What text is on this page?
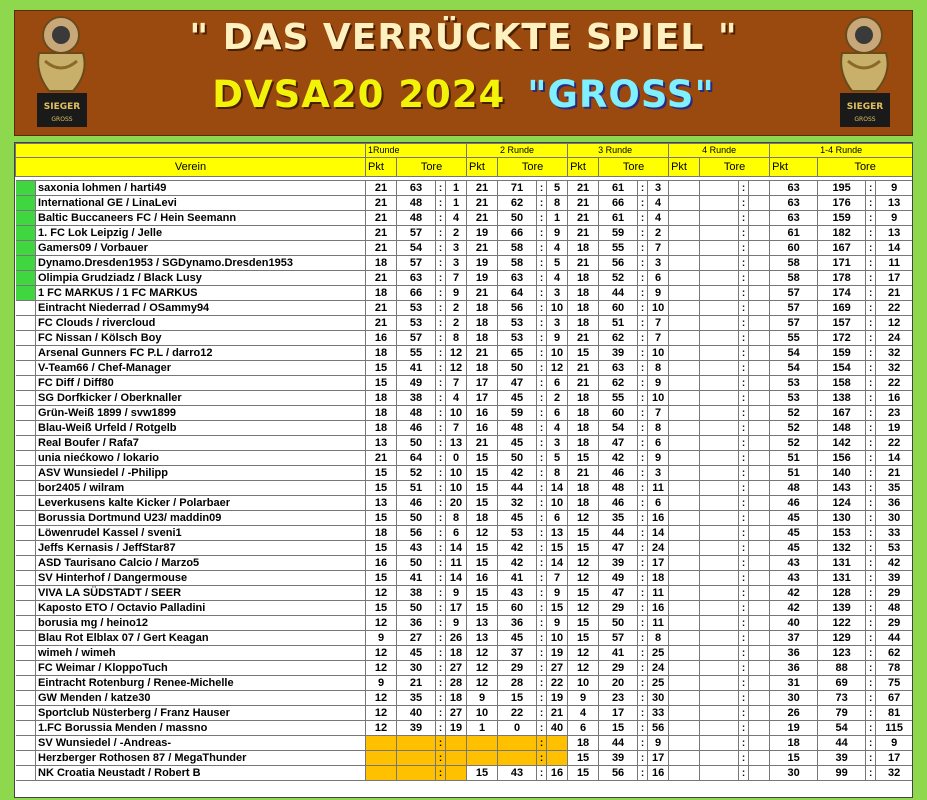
SIEGER
GROSS
" DAS VERRÜCKTE SPIEL "
DVSA20 2024 "GROSS"	SIEGER
GROSS
		1Runde				2 Runde				3 Runde				4 Runde				1-4 Runde			
Verein		Pkt	Tore			Pkt	Tore			Pkt	Tore			Pkt	Tore			Pkt	Tore		

	saxonia lohmen / harti49	21	63	:	1	21	71	:	5	21	61	:	3			:		63	195	:	9
	International GE / LinaLevi	21	48	:	1	21	62	:	8	21	66	:	4			:		63	176	:	13
	Baltic Buccaneers FC / Hein Seemann	21	48	:	4	21	50	:	1	21	61	:	4			:		63	159	:	9
	1. FC Lok Leipzig / Jelle	21	57	:	2	19	66	:	9	21	59	:	2			:		61	182	:	13
	Gamers09 / Vorbauer	21	54	:	3	21	58	:	4	18	55	:	7			:		60	167	:	14
	Dynamo.Dresden1953 / SGDynamo.Dresden1953	18	57	:	3	19	58	:	5	21	56	:	3			:		58	171	:	11
	Olimpia Grudziadz / Black Lusy	21	63	:	7	19	63	:	4	18	52	:	6			:		58	178	:	17
	1 FC MARKUS / 1 FC MARKUS	18	66	:	9	21	64	:	3	18	44	:	9			:		57	174	:	21
	Eintracht Niederrad / OSammy94	21	53	:	2	18	56	:	10	18	60	:	10			:		57	169	:	22
	FC Clouds / rivercloud	21	53	:	2	18	53	:	3	18	51	:	7			:		57	157	:	12
	FC Nissan / Kölsch Boy	16	57	:	8	18	53	:	9	21	62	:	7			:		55	172	:	24
	Arsenal Gunners FC P.L / darro12	18	55	:	12	21	65	:	10	15	39	:	10			:		54	159	:	32
	V-Team66 / Chef-Manager	15	41	:	12	18	50	:	12	21	63	:	8			:		54	154	:	32
	FC Diff / Diff80	15	49	:	7	17	47	:	6	21	62	:	9			:		53	158	:	22
	SG Dorfkicker / Oberknaller	18	38	:	4	17	45	:	2	18	55	:	10			:		53	138	:	16
	Grün-Weiß 1899 / svw1899	18	48	:	10	16	59	:	6	18	60	:	7			:		52	167	:	23
	Blau-Weiß Urfeld / Rotgelb	18	46	:	7	16	48	:	4	18	54	:	8			:		52	148	:	19
	Real Boufer / Rafa7	13	50	:	13	21	45	:	3	18	47	:	6			:		52	142	:	22
	unia niećkowo / lokario	21	64	:	0	15	50	:	5	15	42	:	9			:		51	156	:	14
	ASV Wunsiedel / -Philipp	15	52	:	10	15	42	:	8	21	46	:	3			:		51	140	:	21
	bor2405 / wilram	15	51	:	10	15	44	:	14	18	48	:	11			:		48	143	:	35
	Leverkusens kalte Kicker / Polarbaer	13	46	:	20	15	32	:	10	18	46	:	6			:		46	124	:	36
	Borussia Dortmund U23/ maddin09	15	50	:	8	18	45	:	6	12	35	:	16			:		45	130	:	30
	Löwenrudel Kassel / sveni1	18	56	:	6	12	53	:	13	15	44	:	14			:		45	153	:	33
	Jeffs Kernasis / JeffStar87	15	43	:	14	15	42	:	15	15	47	:	24			:		45	132	:	53
	ASD Taurisano Calcio / Marzo5	16	50	:	11	15	42	:	14	12	39	:	17			:		43	131	:	42
	SV Hinterhof / Dangermouse	15	41	:	14	16	41	:	7	12	49	:	18			:		43	131	:	39
	VIVA LA SÜDSTADT / SEER	12	38	:	9	15	43	:	9	15	47	:	11			:		42	128	:	29
	Kaposto ETO / Octavio Palladini	15	50	:	17	15	60	:	15	12	29	:	16			:		42	139	:	48
	borusia mg / heino12	12	36	:	9	13	36	:	9	15	50	:	11			:		40	122	:	29
	Blau Rot Elblax 07 / Gert Keagan	9	27	:	26	13	45	:	10	15	57	:	8			:		37	129	:	44
	wimeh / wimeh	12	45	:	18	12	37	:	19	12	41	:	25			:		36	123	:	62
	FC Weimar / KloppoTuch	12	30	:	27	12	29	:	27	12	29	:	24			:		36	88	:	78
	Eintracht Rotenburg / Renee-Michelle	9	21	:	28	12	28	:	22	10	20	:	25			:		31	69	:	75
	GW Menden / katze30	12	35	:	18	9	15	:	19	9	23	:	30			:		30	73	:	67
	Sportclub Nüsterberg / Franz Hauser	12	40	:	27	10	22	:	21	4	17	:	33			:		26	79	:	81
	1.FC Borussia Menden / massno	12	39	:	19	1	0	:	40	6	15	:	56			:		19	54	:	115
	SV Wunsiedel / -Andreas-			:				:		18	44	:	9			:		18	44	:	9
	Herzberger Rothosen 87 / MegaThunder			:				:		15	39	:	17			:		15	39	:	17
	NK Croatia Neustadt / Robert B			:		15	43	:	16	15	56	:	16			:		30	99	:	32
